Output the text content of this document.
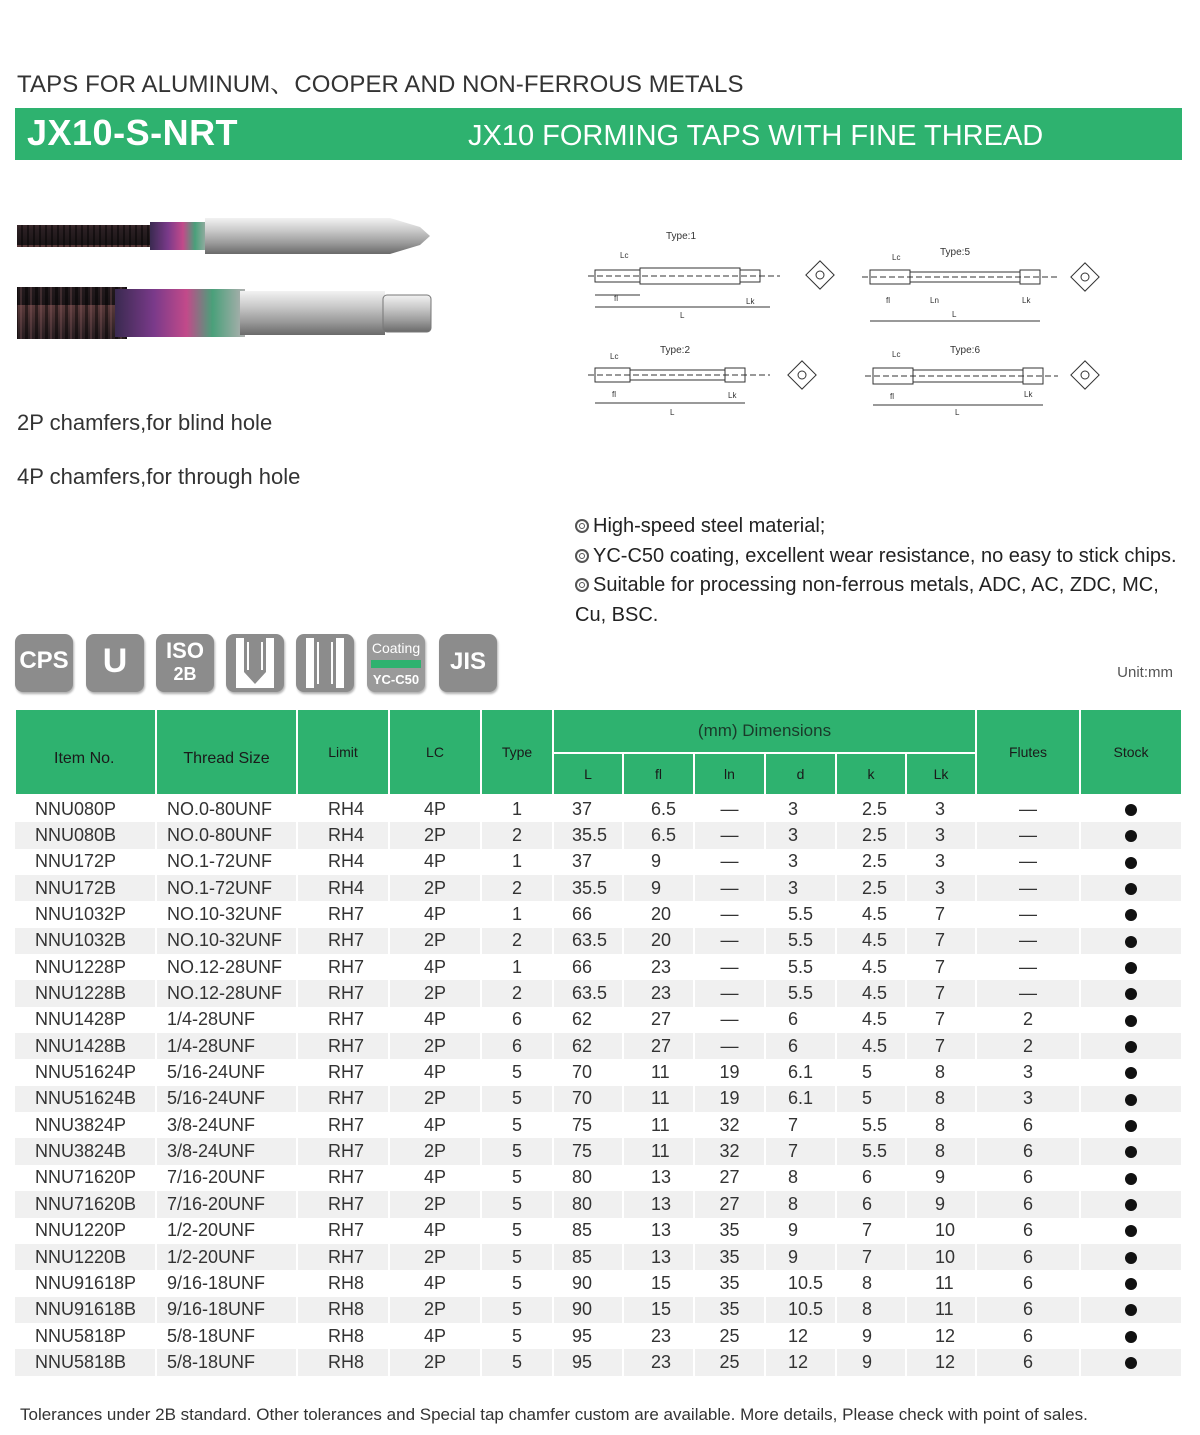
TAPS FOR ALUMINUM、COOPER AND NON-FERROUS METALS
JX10-S-NRT	JX10 FORMING TAPS WITH FINE THREAD
2P chamfers,for blind hole
4P chamfers,for through hole
Type:1
Lc
fl
L
Lk
Type:5
Lc
fl	Ln
L
Lk
Type:2
Lc
fl
L
Lk
Type:6
Lc
fl
L
Lk
High-speed steel material;
YC-C50 coating, excellent wear resistance, no easy to stick chips.
Suitable for processing non-ferrous metals, ADC, AC, ZDC, MC, Cu, BSC.
CPS	U	ISO
2B
Coating
YC-C50
JIS	Unit:mm
Item No.	Thread Size	Limit	LC	Type	(mm) Dimensions						Flutes	Stock
					L	fl	ln	d	k	Lk		
NNU080P	NO.0-80UNF	RH4	4P	1	37	6.5	—	3	2.5	3	—	
NNU080B	NO.0-80UNF	RH4	2P	2	35.5	6.5	—	3	2.5	3	—	
NNU172P	NO.1-72UNF	RH4	4P	1	37	9	—	3	2.5	3	—	
NNU172B	NO.1-72UNF	RH4	2P	2	35.5	9	—	3	2.5	3	—	
NNU1032P	NO.10-32UNF	RH7	4P	1	66	20	—	5.5	4.5	7	—	
NNU1032B	NO.10-32UNF	RH7	2P	2	63.5	20	—	5.5	4.5	7	—	
NNU1228P	NO.12-28UNF	RH7	4P	1	66	23	—	5.5	4.5	7	—	
NNU1228B	NO.12-28UNF	RH7	2P	2	63.5	23	—	5.5	4.5	7	—	
NNU1428P	1/4-28UNF	RH7	4P	6	62	27	—	6	4.5	7	2	
NNU1428B	1/4-28UNF	RH7	2P	6	62	27	—	6	4.5	7	2	
NNU51624P	5/16-24UNF	RH7	4P	5	70	11	19	6.1	5	8	3	
NNU51624B	5/16-24UNF	RH7	2P	5	70	11	19	6.1	5	8	3	
NNU3824P	3/8-24UNF	RH7	4P	5	75	11	32	7	5.5	8	6	
NNU3824B	3/8-24UNF	RH7	2P	5	75	11	32	7	5.5	8	6	
NNU71620P	7/16-20UNF	RH7	4P	5	80	13	27	8	6	9	6	
NNU71620B	7/16-20UNF	RH7	2P	5	80	13	27	8	6	9	6	
NNU1220P	1/2-20UNF	RH7	4P	5	85	13	35	9	7	10	6	
NNU1220B	1/2-20UNF	RH7	2P	5	85	13	35	9	7	10	6	
NNU91618P	9/16-18UNF	RH8	4P	5	90	15	35	10.5	8	11	6	
NNU91618B	9/16-18UNF	RH8	2P	5	90	15	35	10.5	8	11	6	
NNU5818P	5/8-18UNF	RH8	4P	5	95	23	25	12	9	12	6	
NNU5818B	5/8-18UNF	RH8	2P	5	95	23	25	12	9	12	6	
Tolerances under 2B standard. Other tolerances and Special tap chamfer custom are available. More details, Please check with point of sales.
